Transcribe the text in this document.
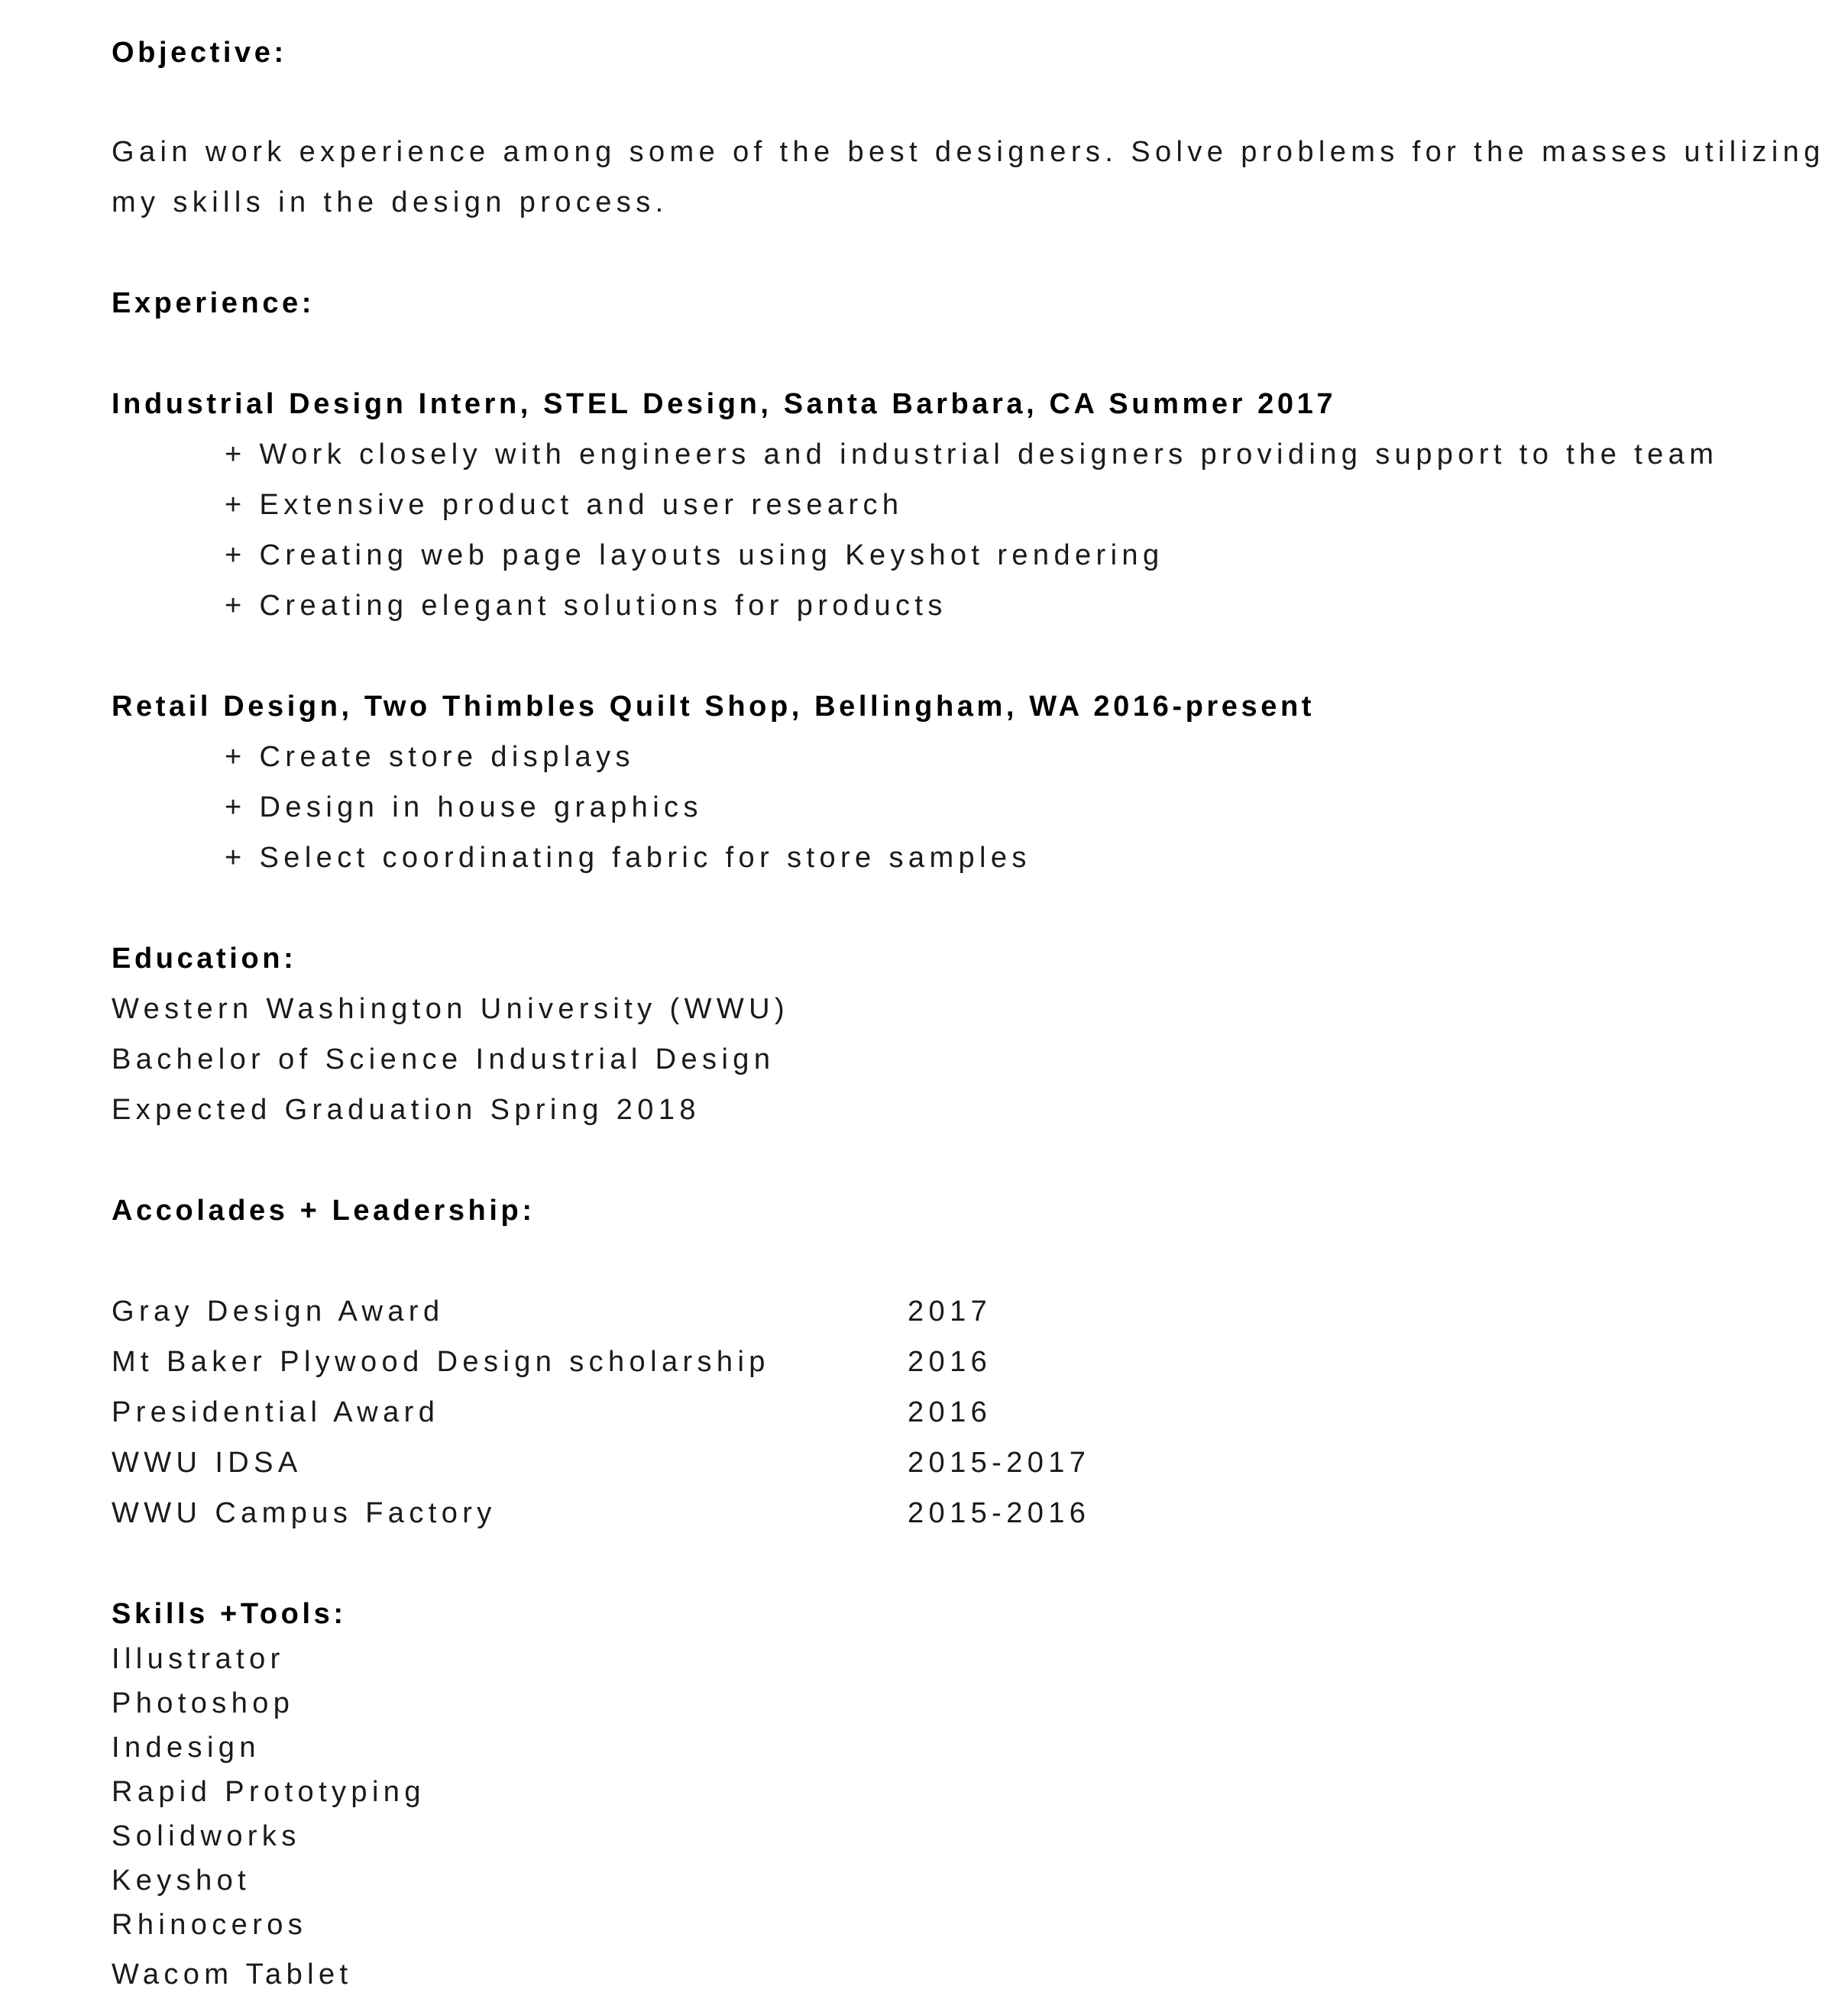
Objective:
Gain work experience among some of the best designers. Solve problems for the masses utilizing
my skills in the design process.
Experience:
Industrial Design Intern, STEL Design, Santa Barbara, CA Summer 2017
+ Work closely with engineers and industrial designers providing support to the team
+ Extensive product and user research
+ Creating web page layouts using Keyshot rendering
+ Creating elegant solutions for products
Retail Design, Two Thimbles Quilt Shop, Bellingham, WA 2016-present
+ Create store displays
+ Design in house graphics
+ Select coordinating fabric for store samples
Education:
Western Washington University (WWU)
Bachelor of Science Industrial Design
Expected Graduation Spring 2018
Accolades + Leadership:
Gray Design Award	2017
Mt Baker Plywood Design scholarship	2016
Presidential Award	2016
WWU IDSA	2015-2017
WWU Campus Factory	2015-2016
Skills +Tools:
Illustrator
Photoshop
Indesign
Rapid Prototyping
Solidworks
Keyshot
Rhinoceros
Wacom Tablet
